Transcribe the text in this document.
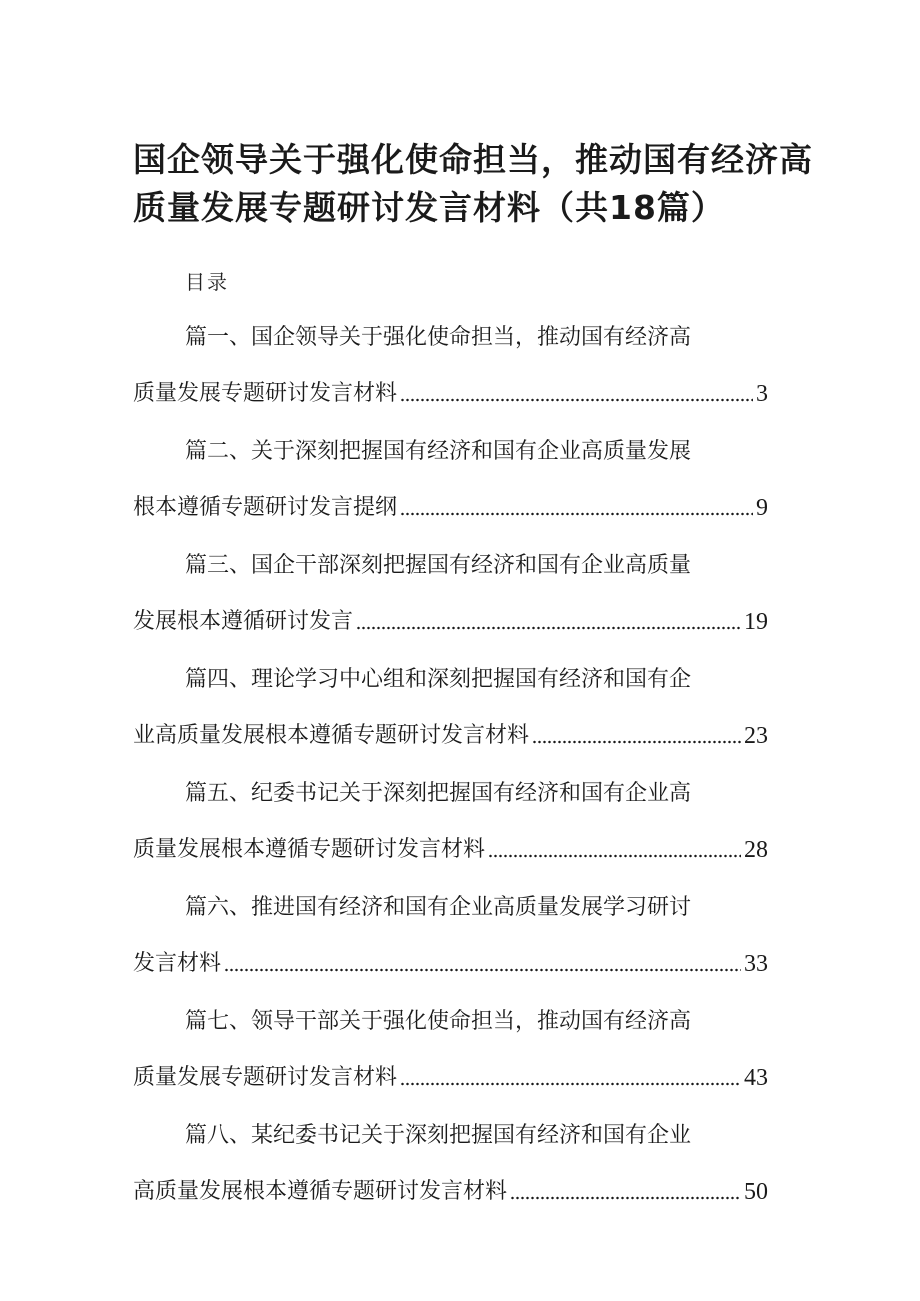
国企领导关于强化使命担当，推动国有经济高质量发展专题研讨发言材料（共18篇）
目录
篇一、国企领导关于强化使命担当，推动国有经济高
质量发展专题研讨发言材料	3
篇二、关于深刻把握国有经济和国有企业高质量发展
根本遵循专题研讨发言提纲	9
篇三、国企干部深刻把握国有经济和国有企业高质量
发展根本遵循研讨发言	19
篇四、理论学习中心组和深刻把握国有经济和国有企
业高质量发展根本遵循专题研讨发言材料	23
篇五、纪委书记关于深刻把握国有经济和国有企业高
质量发展根本遵循专题研讨发言材料	28
篇六、推进国有经济和国有企业高质量发展学习研讨
发言材料	33
篇七、领导干部关于强化使命担当，推动国有经济高
质量发展专题研讨发言材料	43
篇八、某纪委书记关于深刻把握国有经济和国有企业
高质量发展根本遵循专题研讨发言材料	50
